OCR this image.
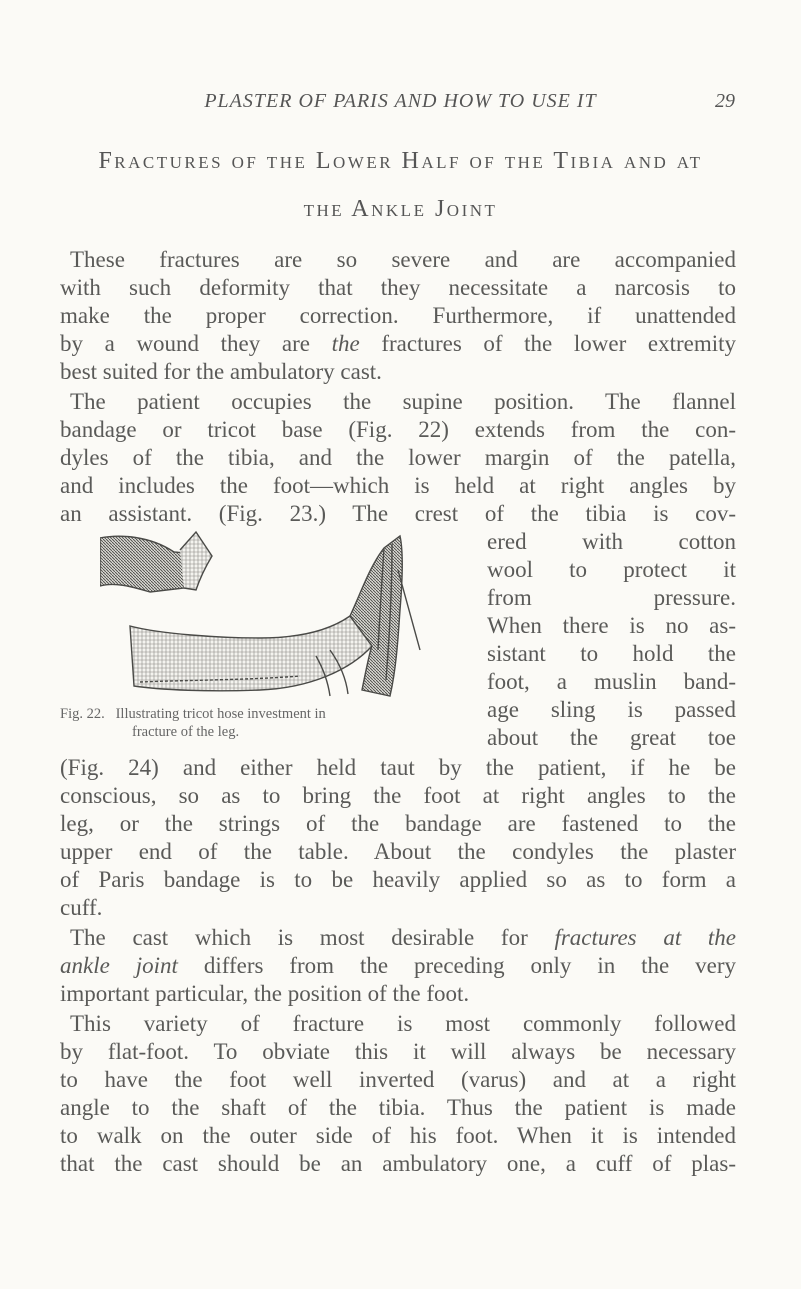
PLASTER OF PARIS AND HOW TO USE IT	29
Fractures of the Lower Half of the Tibia and at
the Ankle Joint
These fractures are so severe and are accompanied
with such deformity that they necessitate a narcosis to
make the proper correction. Furthermore, if unattended
by a wound they are the fractures of the lower extremity
best suited for the ambulatory cast.
The patient occupies the supine position. The flannel
bandage or tricot base (Fig. 22) extends from the con-
dyles of the tibia, and the lower margin of the patella,
and includes the foot—which is held at right angles by
an assistant. (Fig. 23.) The crest of the tibia is cov-
ered with cotton
wool to protect it
from pressure.
When there is no as-
sistant to hold the
foot, a muslin band-
age sling is passed
about the great toe
Fig. 22. Illustrating tricot hose investment in
fracture of the leg.
(Fig. 24) and either held taut by the patient, if he be
conscious, so as to bring the foot at right angles to the
leg, or the strings of the bandage are fastened to the
upper end of the table. About the condyles the plaster
of Paris bandage is to be heavily applied so as to form a
cuff.
The cast which is most desirable for fractures at the
ankle joint differs from the preceding only in the very
important particular, the position of the foot.
This variety of fracture is most commonly followed
by flat-foot. To obviate this it will always be necessary
to have the foot well inverted (varus) and at a right
angle to the shaft of the tibia. Thus the patient is made
to walk on the outer side of his foot. When it is intended
that the cast should be an ambulatory one, a cuff of plas-
